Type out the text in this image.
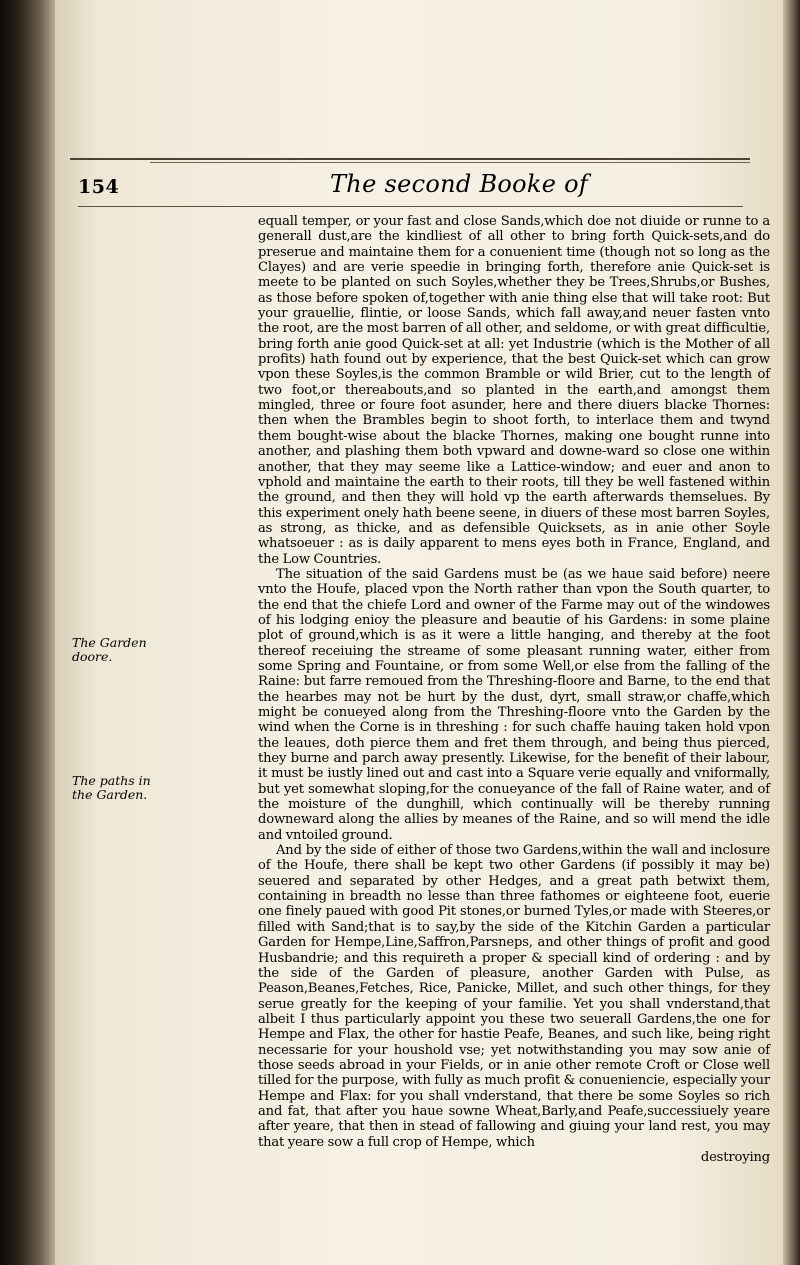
154	The second Booke of
The Garden doore.
The paths in the Garden.

equall temper, or your fast and close Sands,which doe not diuide or runne to a generall dust,are the kindliest of all other to bring forth Quick-sets,and do preserue and maintaine them for a conuenient time (though not so long as the Clayes) and are verie speedie in bringing forth, therefore anie Quick-set is meete to be planted on such Soyles,whether they be Trees,Shrubs,or Bushes, as those before spoken of,together with anie thing else that will take root: But your grauellie, flintie, or loose Sands, which fall away,and neuer fasten vnto the root, are the most barren of all other, and seldome, or with great difficultie, bring forth anie good Quick-set at all: yet Industrie (which is the Mother of all profits) hath found out by experience, that the best Quick-set which can grow vpon these Soyles,is the common Bramble or wild Brier, cut to the length of two foot,or thereabouts,and so planted in the earth,and amongst them mingled, three or foure foot asunder, here and there diuers blacke Thornes: then when the Brambles begin to shoot forth, to interlace them and twynd them bought-wise about the blacke Thornes, making one bought runne into another, and plashing them both vpward and downe-ward so close one within another, that they may seeme like a Lattice-window; and euer and anon to vphold and maintaine the earth to their roots, till they be well fastened within the ground, and then they will hold vp the earth afterwards themselues. By this experiment onely hath beene seene, in diuers of these most barren Soyles, as strong, as thicke, and as defensible Quicksets, as in anie other Soyle whatsoeuer : as is daily apparent to mens eyes both in France, England, and the Low Countries.

The situation of the said Gardens must be (as we haue said before) neere vnto the Houfe, placed vpon the North rather than vpon the South quarter, to the end that the chiefe Lord and owner of the Farme may out of the windowes of his lodging enioy the pleasure and beautie of his Gardens: in some plaine plot of ground,which is as it were a little hanging, and thereby at the foot thereof receiuing the streame of some pleasant running water, either from some Spring and Fountaine, or from some Well,or else from the falling of the Raine: but farre remoued from the Threshing-floore and Barne, to the end that the hearbes may not be hurt by the dust, dyrt, small straw,or chaffe,which might be conueyed along from the Threshing-floore vnto the Garden by the wind when the Corne is in threshing : for such chaffe hauing taken hold vpon the leaues, doth pierce them and fret them through, and being thus pierced, they burne and parch away presently. Likewise, for the benefit of their labour, it must be iustly lined out and cast into a Square verie equally and vniformally, but yet somewhat sloping,for the conueyance of the fall of Raine water, and of the moisture of the dunghill, which continually will be thereby running downeward along the allies by meanes of the Raine, and so will mend the idle and vntoiled ground.

And by the side of either of those two Gardens,within the wall and inclosure of the Houfe, there shall be kept two other Gardens (if possibly it may be) seuered and separated by other Hedges, and a great path betwixt them, containing in breadth no lesse than three fathomes or eighteene foot, euerie one finely paued with good Pit stones,or burned Tyles,or made with Steeres,or filled with Sand;that is to say,by the side of the Kitchin Garden a particular Garden for Hempe,Line,Saffron,Parsneps, and other things of profit and good Husbandrie; and this requireth a proper & speciall kind of ordering : and by the side of the Garden of pleasure, another Garden with Pulse, as Peason,Beanes,Fetches, Rice, Panicke, Millet, and such other things, for they serue greatly for the keeping of your familie. Yet you shall vnderstand,that albeit I thus particularly appoint you these two seuerall Gardens,the one for Hempe and Flax, the other for hastie Peafe, Beanes, and such like, being right necessarie for your houshold vse; yet notwithstanding you may sow anie of those seeds abroad in your Fields, or in anie other remote Croft or Close well tilled for the purpose, with fully as much profit & conueniencie, especially your Hempe and Flax: for you shall vnderstand, that there be some Soyles so rich and fat, that after you haue sowne Wheat,Barly,and Peafe,successiuely yeare after yeare, that then in stead of fallowing and giuing your land rest, you may that yeare sow a full crop of Hempe, which

destroying
